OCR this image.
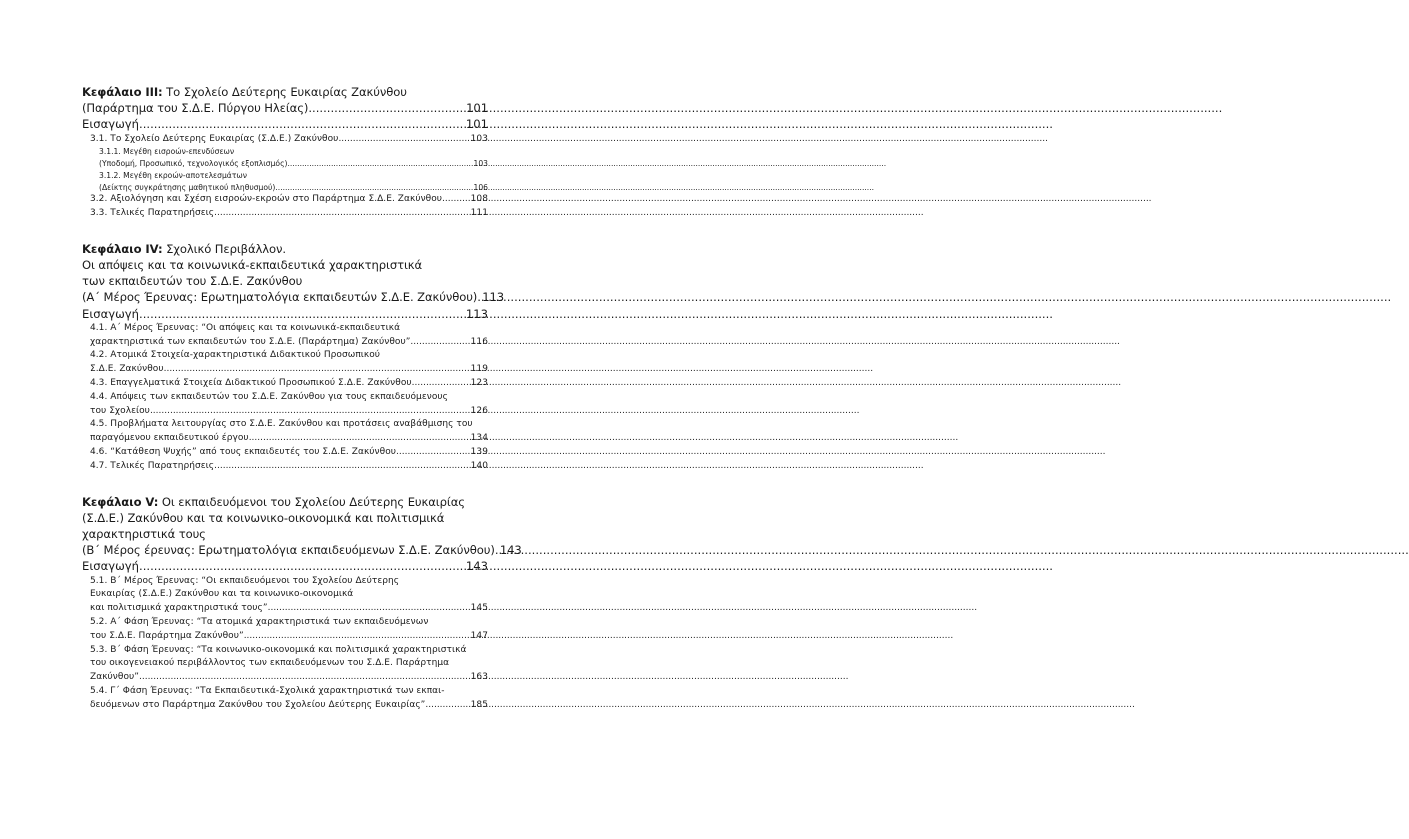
Κεφάλαιο III: Το Σχολείο Δεύτερης Ευκαιρίας Ζακύνθου
(Παράρτημα του Σ.Δ.Ε. Πύργου Ηλείας) .....	101
Εισαγωγή .....	101
3.1. Το Σχολείο Δεύτερης Ευκαιρίας (Σ.Δ.Ε.) Ζακύνθου .....	103
3.1.1. Μεγέθη εισροών-επενδύσεων
(Υποδομή, Προσωπικό, τεχνολογικός εξοπλισμός) .....	103
3.1.2. Μεγέθη εκροών-αποτελεσμάτων
(Δείκτης συγκράτησης μαθητικού πληθυσμού) .....	106
3.2. Αξιολόγηση και Σχέση εισροών-εκροών στο Παράρτημα Σ.Δ.Ε. Ζακύνθου .....	108
3.3. Τελικές Παρατηρήσεις .....	111
Κεφάλαιο IV: Σχολικό Περιβάλλον.
Οι απόψεις και τα κοινωνικά-εκπαιδευτικά χαρακτηριστικά
των εκπαιδευτών του Σ.Δ.Ε. Ζακύνθου
(Α΄ Μέρος Έρευνας: Ερωτηματολόγια εκπαιδευτών Σ.Δ.Ε. Ζακύνθου) ..... 113
Εισαγωγή .....	113
4.1. Α΄ Μέρος Έρευνας: “Οι απόψεις και τα κοινωνικά-εκπαιδευτικά
χαρακτηριστικά των εκπαιδευτών του Σ.Δ.Ε. (Παράρτημα) Ζακύνθου” .....	116
4.2. Ατομικά Στοιχεία-χαρακτηριστικά Διδακτικού Προσωπικού
Σ.Δ.Ε. Ζακύνθου .....	119
4.3. Επαγγελματικά Στοιχεία Διδακτικού Προσωπικού Σ.Δ.Ε. Ζακύνθου .....	123
4.4. Απόψεις των εκπαιδευτών του Σ.Δ.Ε. Ζακύνθου για τους εκπαιδευόμενους
του Σχολείου .....	126
4.5. Προβλήματα λειτουργίας στο Σ.Δ.Ε. Ζακύνθου και προτάσεις αναβάθμισης του
παραγόμενου εκπαιδευτικού έργου .....	134
4.6. “Κατάθεση Ψυχής” από τους εκπαιδευτές του Σ.Δ.Ε. Ζακύνθου .....	139
4.7. Τελικές Παρατηρήσεις .....	140
Κεφάλαιο V: Οι εκπαιδευόμενοι του Σχολείου Δεύτερης Ευκαιρίας
(Σ.Δ.Ε.) Ζακύνθου και τα κοινωνικο-οικονομικά και πολιτισμικά
χαρακτηριστικά τους
(Β΄ Μέρος έρευνας: Ερωτηματολόγια εκπαιδευόμενων Σ.Δ.Ε. Ζακύνθου) ..... 143
Εισαγωγή .....	143
5.1. Β΄ Μέρος Έρευνας: “Οι εκπαιδευόμενοι του Σχολείου Δεύτερης
Ευκαιρίας (Σ.Δ.Ε.) Ζακύνθου και τα κοινωνικο-οικονομικά
και πολιτισμικά χαρακτηριστικά τους” .....	145
5.2. Α΄ Φάση Έρευνας: “Τα ατομικά χαρακτηριστικά των εκπαιδευόμενων
του Σ.Δ.Ε. Παράρτημα Ζακύνθου” .....	147
5.3. Β΄ Φάση Έρευνας: “Τα κοινωνικο-οικονομικά και πολιτισμικά χαρακτηριστικά
του οικογενειακού περιβάλλοντος των εκπαιδευόμενων του Σ.Δ.Ε. Παράρτημα
Ζακύνθου” .....	163
5.4. Γ΄ Φάση Έρευνας: “Τα Εκπαιδευτικά-Σχολικά χαρακτηριστικά των εκπαι-
δευόμενων στο Παράρτημα Ζακύνθου του Σχολείου Δεύτερης Ευκαιρίας” .....	185
